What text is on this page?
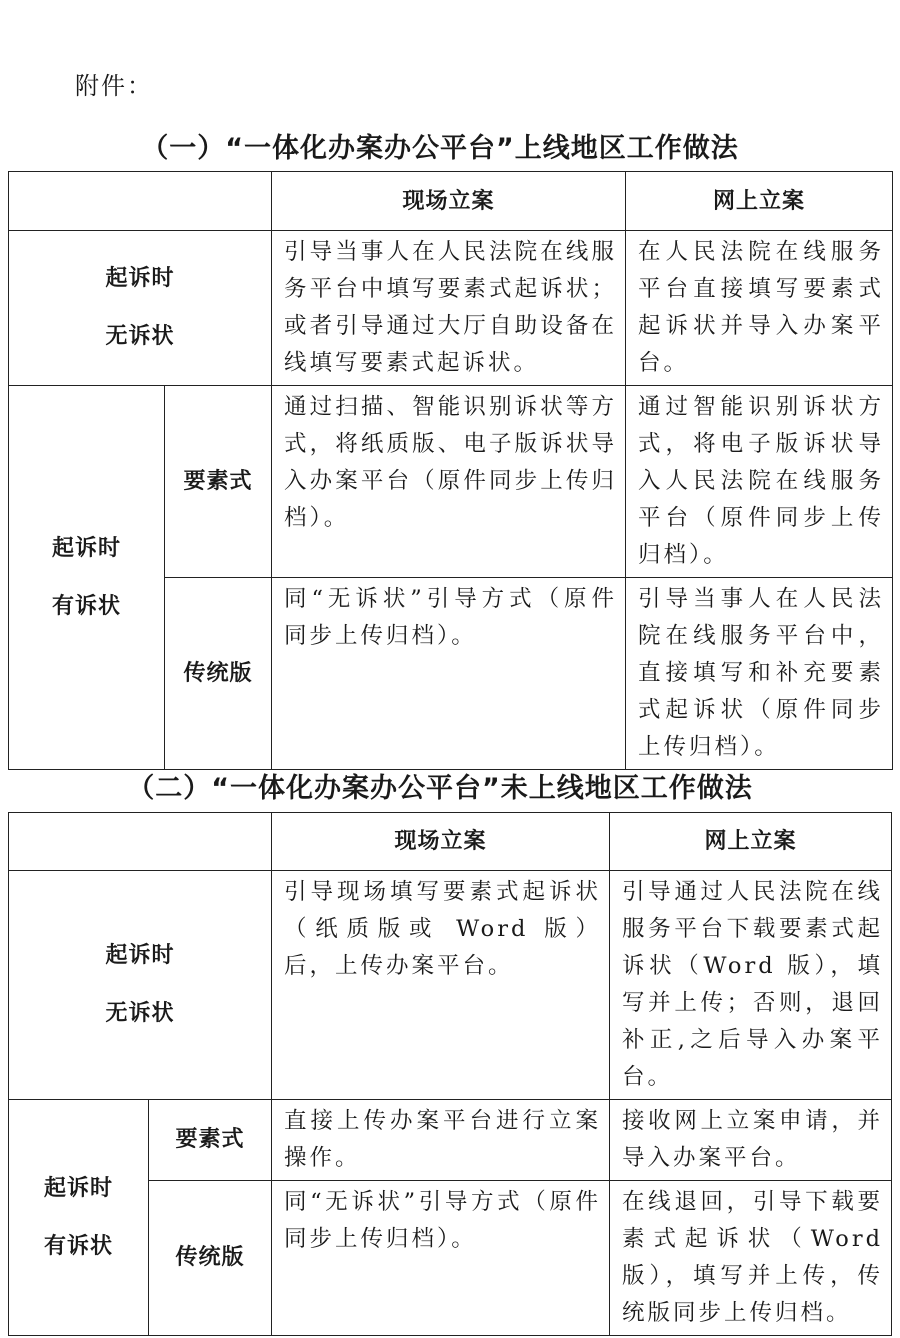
附件：
（一）“一体化办案办公平台”上线地区工作做法
		现场立案	网上立案

起诉时
无诉状		引导当事人在人民法院在线服务平台中填写要素式起诉状；或者引导通过大厅自助设备在线填写要素式起诉状。	在人民法院在线服务平台直接填写要素式起诉状并导入办案平台。

起诉时
有诉状	要素式	通过扫描、智能识别诉状等方式，将纸质版、电子版诉状导入办案平台（原件同步上传归档）。	通过智能识别诉状方式，将电子版诉状导入人民法院在线服务平台（原件同步上传归档）。
	传统版	同“无诉状”引导方式（原件同步上传归档）。	引导当事人在人民法院在线服务平台中，直接填写和补充要素式起诉状（原件同步上传归档）。
（二）“一体化办案办公平台”未上线地区工作做法
		现场立案	网上立案

起诉时
无诉状		引导现场填写要素式起诉状（纸质版或 Word 版）后，上传办案平台。	引导通过人民法院在线服务平台下载要素式起诉状（Word 版），填写并上传；否则，退回补正,之后导入办案平台。

起诉时
有诉状	要素式	直接上传办案平台进行立案操作。	接收网上立案申请，并导入办案平台。
	传统版	同“无诉状”引导方式（原件同步上传归档）。	在线退回，引导下载要素式起诉状（Word 版），填写并上传，传统版同步上传归档。
